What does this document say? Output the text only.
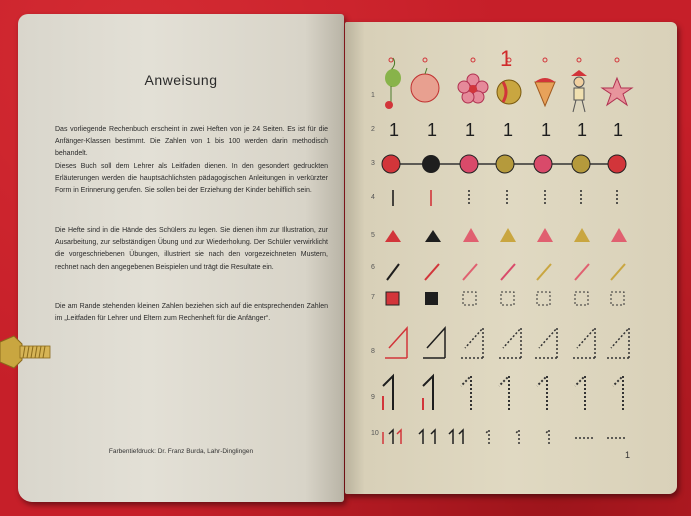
Anweisung

Das vorliegende Rechenbuch erscheint in zwei Heften von je 24 Seiten. Es ist für die Anfänger-Klassen bestimmt. Die Zahlen von 1 bis 100 werden darin methodisch behandelt.

Dieses Buch soll dem Lehrer als Leitfaden dienen. In den gesondert gedruckten Erläuterungen werden die hauptsächlichsten pädagogischen Anleitungen in verkürzter Form in Erinnerung gerufen. Sie sollen bei der Erziehung der Kinder behilflich sein.

Die Hefte sind in die Hände des Schülers zu legen. Sie dienen ihm zur Illustration, zur Ausarbeitung, zur selbständigen Übung und zur Wiederholung. Der Schüler verwirklicht die vorgeschriebenen Übungen, illustriert sie nach den vorgezeichneten Mustern, rechnet nach den angegebenen Beispielen und trägt die Resultate ein.

Die am Rande stehenden kleinen Zahlen beziehen sich auf die entsprechenden Zahlen im „Leitfaden für Lehrer und Eltern zum Rechenheft für die Anfänger“.

Farbentiefdruck: Dr. Franz Burda, Lahr-Dinglingen
1
1
1
2
3
4
5
6
7
8
9
10
1 1 1 1 1 1 1
